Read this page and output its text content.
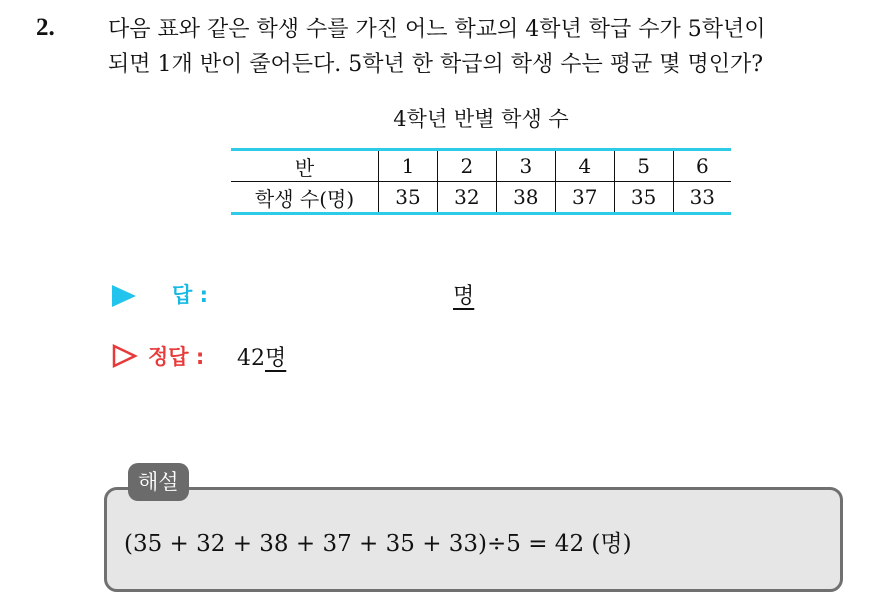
2. 다음 표와 같은 학생 수를 가진 어느 학교의 4학년 학급 수가 5학년이
되면 1개 반이 줄어든다. 5학년 한 학급의 학생 수는 평균 몇 명인가?
4학년 반별 학생 수
반	1	2	3	4	5	6
학생 수(명)	35	32	38	37	35	33
답 :	명
정답 : 42명
해설
(35 + 32 + 38 + 37 + 35 + 33)÷5 = 42 (명)
